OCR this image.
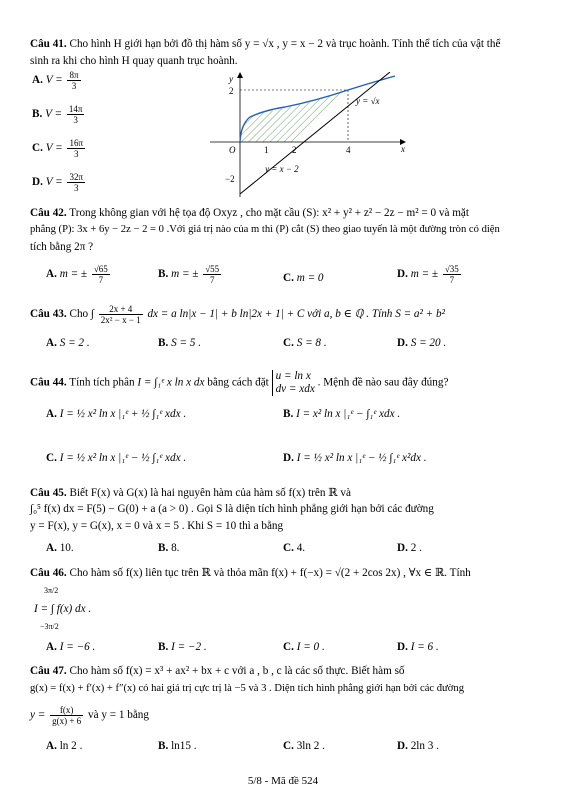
Câu 41. Cho hình H giới hạn bởi đồ thị hàm số y = √x , y = x − 2 và trục hoành. Tính thể tích của vật thể
sinh ra khi cho hình H quay quanh trục hoành.
A. $V = \frac{8\pi}{3}$
B. $V = \frac{14\pi}{3}$
C. $V = \frac{16\pi}{3}$
D. $V = \frac{32\pi}{3}$
y
x
O	1	2	4
2
−2
y = √x
y = x − 2
Câu 42. Trong không gian với hệ tọa độ Oxyz , cho mặt cầu (S): x² + y² + z² − 2z − m² = 0 và mặt
phẳng (P): 3x + 6y − 2z − 2 = 0 .Với giá trị nào của m thì (P) cắt (S) theo giao tuyến là một đường tròn có diện
tích bằng 2π ?
A. m = ± $\frac{√65}{7}$	B. m = ± $\frac{√55}{7}$	C. m = 0	D. m = ± $\frac{√35}{7}$
Câu 43. Cho ∫ $\frac{2x + 4}{\text{2x² − x − 1}}$ dx = a ln|x − 1| + b ln|2x + 1| + C với a, b ∈ ℚ . Tính S = a² + b²
A. S = 2 .	B. S = 5 .	C. S = 8 .	D. S = 20 .
Câu 44. Tính tích phân I = ∫₁ᵉ x ln x dx bằng cách đặt
u = ln x
dv = xdx
. Mệnh đề nào sau đây đúng?
A. I = ½ x² ln x |₁ᵉ + ½ ∫₁ᵉ xdx .	B. I = x² ln x |₁ᵉ − ∫₁ᵉ xdx .
C. I = ½ x² ln x |₁ᵉ − ½ ∫₁ᵉ xdx .	D. I = ½ x² ln x |₁ᵉ − ½ ∫₁ᵉ x²dx .
Câu 45. Biết F(x) và G(x) là hai nguyên hàm của hàm số f(x) trên ℝ và
∫₀⁵ f(x) dx = F(5) − G(0) + a (a > 0) . Gọi S là diện tích hình phẳng giới hạn bởi các đường
y = F(x), y = G(x), x = 0 và x = 5 . Khi S = 10 thì a bằng
A. 10.	B. 8.	C. 4.	D. 2 .
Câu 46. Cho hàm số f(x) liên tục trên ℝ và thỏa mãn f(x) + f(−x) = √(2 + 2cos 2x) , ∀x ∈ ℝ. Tính
3π/2
I = ∫ f(x) dx .
−3π/2
A. I = −6 .	B. I = −2 .	C. I = 0 .	D. I = 6 .
Câu 47. Cho hàm số f(x) = x³ + ax² + bx + c với a , b , c là các số thực. Biết hàm số
g(x) = f(x) + f′(x) + f″(x) có hai giá trị cực trị là −5 và 3 . Diện tích hình phẳng giới hạn bởi các đường
$y = \frac{f(x)}{g(x) + 6}$ và y = 1 bằng
A. ln 2 .	B. ln15 .	C. 3ln 2 .	D. 2ln 3 .
5/8 - Mã đề 524
